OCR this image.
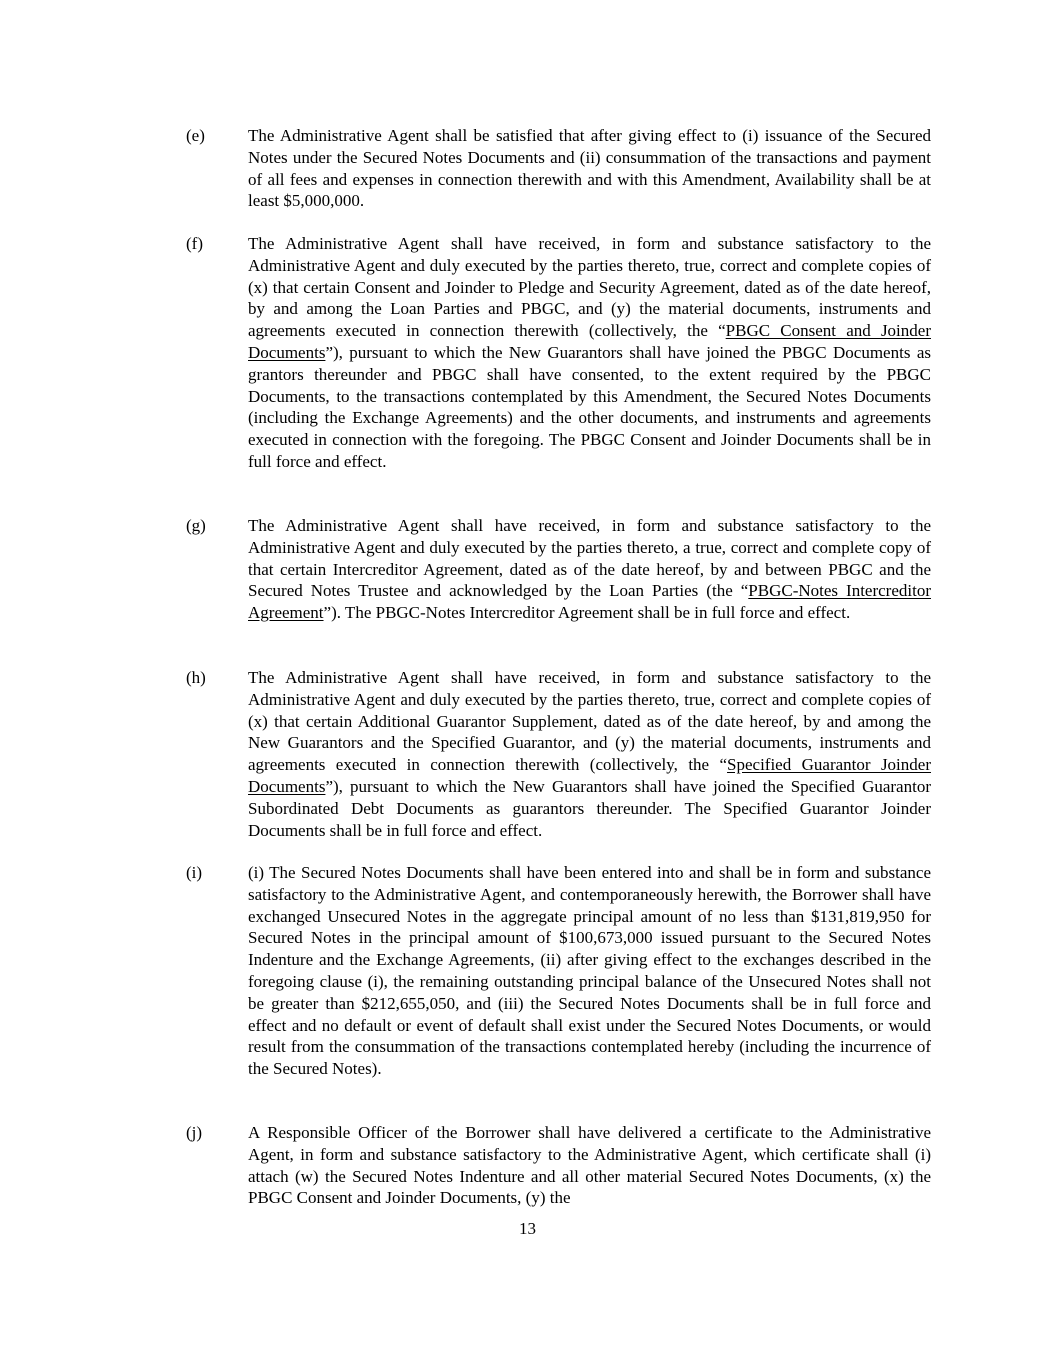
(e)	The Administrative Agent shall be satisfied that after giving effect to (i) issuance of the Secured Notes under the Secured Notes Documents and (ii) consummation of the transactions and payment of all fees and expenses in connection therewith and with this Amendment, Availability shall be at least $5,000,000.
(f)	The Administrative Agent shall have received, in form and substance satisfactory to the Administrative Agent and duly executed by the parties thereto, true, correct and complete copies of (x) that certain Consent and Joinder to Pledge and Security Agreement, dated as of the date hereof, by and among the Loan Parties and PBGC, and (y) the material documents, instruments and agreements executed in connection therewith (collectively, the “PBGC Consent and Joinder Documents”), pursuant to which the New Guarantors shall have joined the PBGC Documents as grantors thereunder and PBGC shall have consented, to the extent required by the PBGC Documents, to the transactions contemplated by this Amendment, the Secured Notes Documents (including the Exchange Agreements) and the other documents, and instruments and agreements executed in connection with the foregoing. The PBGC Consent and Joinder Documents shall be in full force and effect.
(g)	The Administrative Agent shall have received, in form and substance satisfactory to the Administrative Agent and duly executed by the parties thereto, a true, correct and complete copy of that certain Intercreditor Agreement, dated as of the date hereof, by and between PBGC and the Secured Notes Trustee and acknowledged by the Loan Parties (the “PBGC-Notes Intercreditor Agreement”). The PBGC-Notes Intercreditor Agreement shall be in full force and effect.
(h)	The Administrative Agent shall have received, in form and substance satisfactory to the Administrative Agent and duly executed by the parties thereto, true, correct and complete copies of (x) that certain Additional Guarantor Supplement, dated as of the date hereof, by and among the New Guarantors and the Specified Guarantor, and (y) the material documents, instruments and agreements executed in connection therewith (collectively, the “Specified Guarantor Joinder Documents”), pursuant to which the New Guarantors shall have joined the Specified Guarantor Subordinated Debt Documents as guarantors thereunder. The Specified Guarantor Joinder Documents shall be in full force and effect.
(i)	(i) The Secured Notes Documents shall have been entered into and shall be in form and substance satisfactory to the Administrative Agent, and contemporaneously herewith, the Borrower shall have exchanged Unsecured Notes in the aggregate principal amount of no less than $131,819,950 for Secured Notes in the principal amount of $100,673,000 issued pursuant to the Secured Notes Indenture and the Exchange Agreements, (ii) after giving effect to the exchanges described in the foregoing clause (i), the remaining outstanding principal balance of the Unsecured Notes shall not be greater than $212,655,050, and (iii) the Secured Notes Documents shall be in full force and effect and no default or event of default shall exist under the Secured Notes Documents, or would result from the consummation of the transactions contemplated hereby (including the incurrence of the Secured Notes).
(j)	A Responsible Officer of the Borrower shall have delivered a certificate to the Administrative Agent, in form and substance satisfactory to the Administrative Agent, which certificate shall (i) attach (w) the Secured Notes Indenture and all other material Secured Notes Documents, (x) the PBGC Consent and Joinder Documents, (y) the
13
